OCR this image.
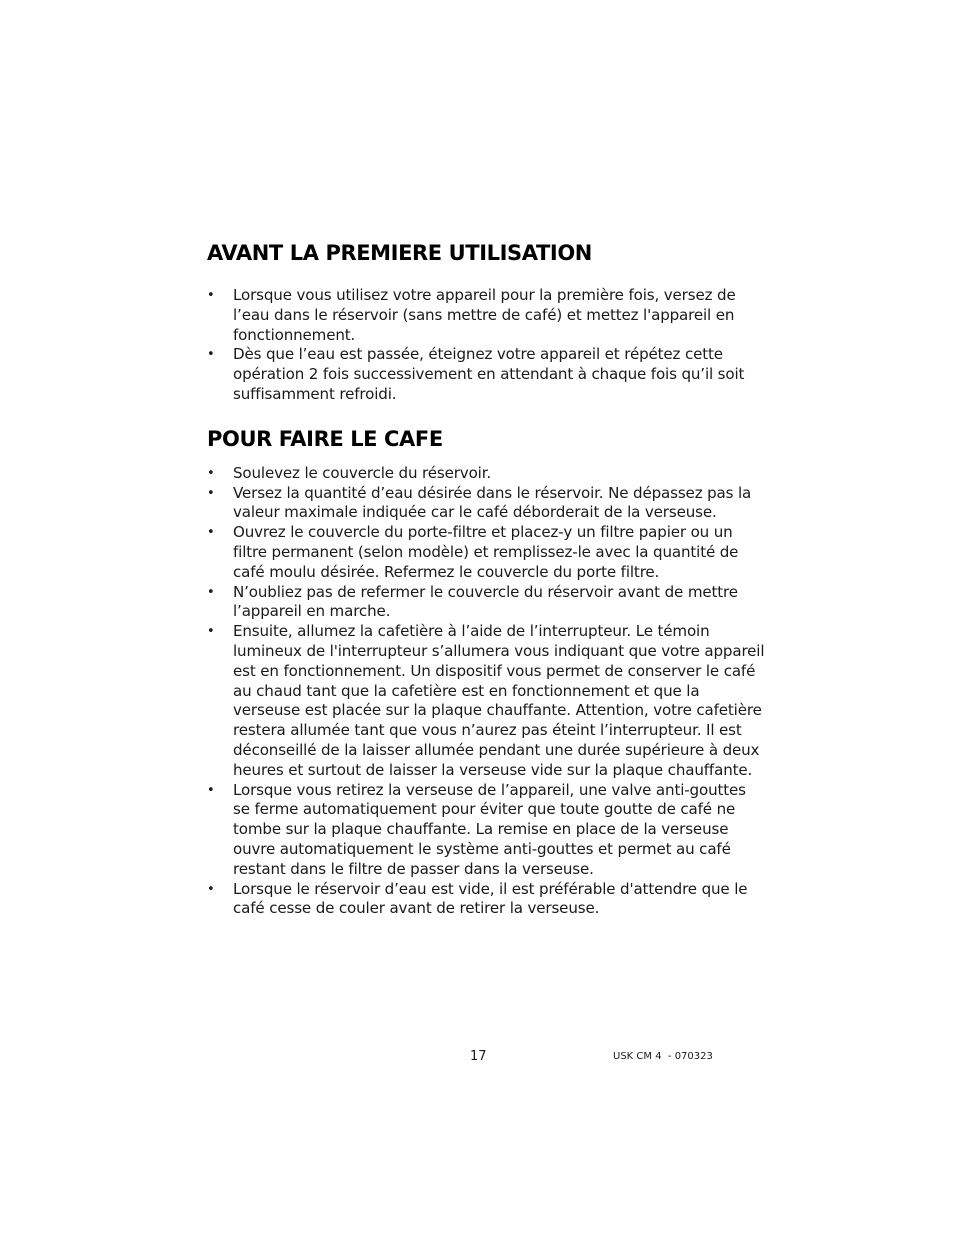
AVANT LA PREMIERE UTILISATION
•	Lorsque vous utilisez votre appareil pour la première fois, versez de l’eau dans le réservoir (sans mettre de café) et mettez l'appareil en fonctionnement.
•	Dès que l’eau est passée, éteignez votre appareil et répétez cette opération 2 fois successivement en attendant à chaque fois qu’il soit suffisamment refroidi.
POUR FAIRE LE CAFE
•	Soulevez le couvercle du réservoir.
•	Versez la quantité d’eau désirée dans le réservoir. Ne dépassez pas la valeur maximale indiquée car le café déborderait de la verseuse.
•	Ouvrez le couvercle du porte-filtre et placez-y un filtre papier ou un filtre permanent (selon modèle) et remplissez-le avec la quantité de café moulu désirée. Refermez le couvercle du porte filtre.
•	N’oubliez pas de refermer le couvercle du réservoir avant de mettre l’appareil en marche.
•	Ensuite, allumez la cafetière à l’aide de l’interrupteur. Le témoin lumineux de l'interrupteur s’allumera vous indiquant que votre appareil est en fonctionnement. Un dispositif vous permet de conserver le café au chaud tant que la cafetière est en fonctionnement et que la verseuse est placée sur la plaque chauffante. Attention, votre cafetière restera allumée tant que vous n’aurez pas éteint l’interrupteur. Il est déconseillé de la laisser allumée pendant une durée supérieure à deux heures et surtout de laisser la verseuse vide sur la plaque chauffante.
•	Lorsque vous retirez la verseuse de l’appareil, une valve anti-gouttes se ferme automatiquement pour éviter que toute goutte de café ne tombe sur la plaque chauffante. La remise en place de la verseuse ouvre automatiquement le système anti-gouttes et permet au café restant dans le filtre de passer dans la verseuse.
•	Lorsque le réservoir d’eau est vide, il est préférable d'attendre que le café cesse de couler avant de retirer la verseuse.
17	USK CM 4  - 070323
